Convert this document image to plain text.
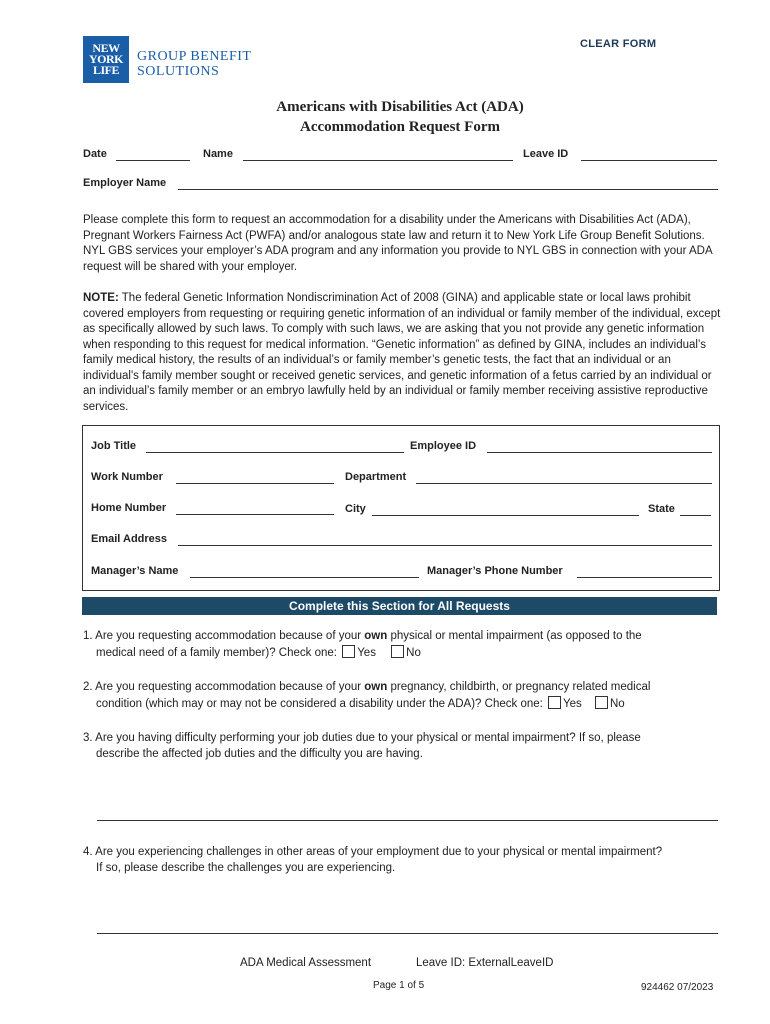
NEW
YORK
LIFE
GROUP BENEFIT
SOLUTIONS
CLEAR FORM
Americans with Disabilities Act (ADA)
Accommodation Request Form
Date	Name	Leave ID
Employer Name
Please complete this form to request an accommodation for a disability under the Americans with Disabilities Act (ADA), Pregnant Workers Fairness Act (PWFA) and/or analogous state law and return it to New York Life Group Benefit Solutions. NYL GBS services your employer’s ADA program and any information you provide to NYL GBS in connection with your ADA request will be shared with your employer.
NOTE: The federal Genetic Information Nondiscrimination Act of 2008 (GINA) and applicable state or local laws prohibit covered employers from requesting or requiring genetic information of an individual or family member of the individual, except as specifically allowed by such laws. To comply with such laws, we are asking that you not provide any genetic information when responding to this request for medical information. “Genetic information” as defined by GINA, includes an individual’s family medical history, the results of an individual’s or family member’s genetic tests, the fact that an individual or an individual's family member sought or received genetic services, and genetic information of a fetus carried by an individual or an individual’s family member or an embryo lawfully held by an individual or family member receiving assistive reproductive services.
Job Title	Employee ID
Work Number	Department
Home Number	City	State
Email Address
Manager’s Name	Manager’s Phone Number
Complete this Section for All Requests
1. Are you requesting accommodation because of your own physical or mental impairment (as opposed to the
medical need of a family member)? Check one: Yes	No
2. Are you requesting accommodation because of your own pregnancy, childbirth, or pregnancy related medical
condition (which may or may not be considered a disability under the ADA)? Check one: Yes No
3. Are you having difficulty performing your job duties due to your physical or mental impairment? If so, please
describe the affected job duties and the difficulty you are having.
4. Are you experiencing challenges in other areas of your employment due to your physical or mental impairment?
If so, please describe the challenges you are experiencing.
ADA Medical Assessment	Leave ID: ExternalLeaveID
Page 1 of 5	924462 07/2023
